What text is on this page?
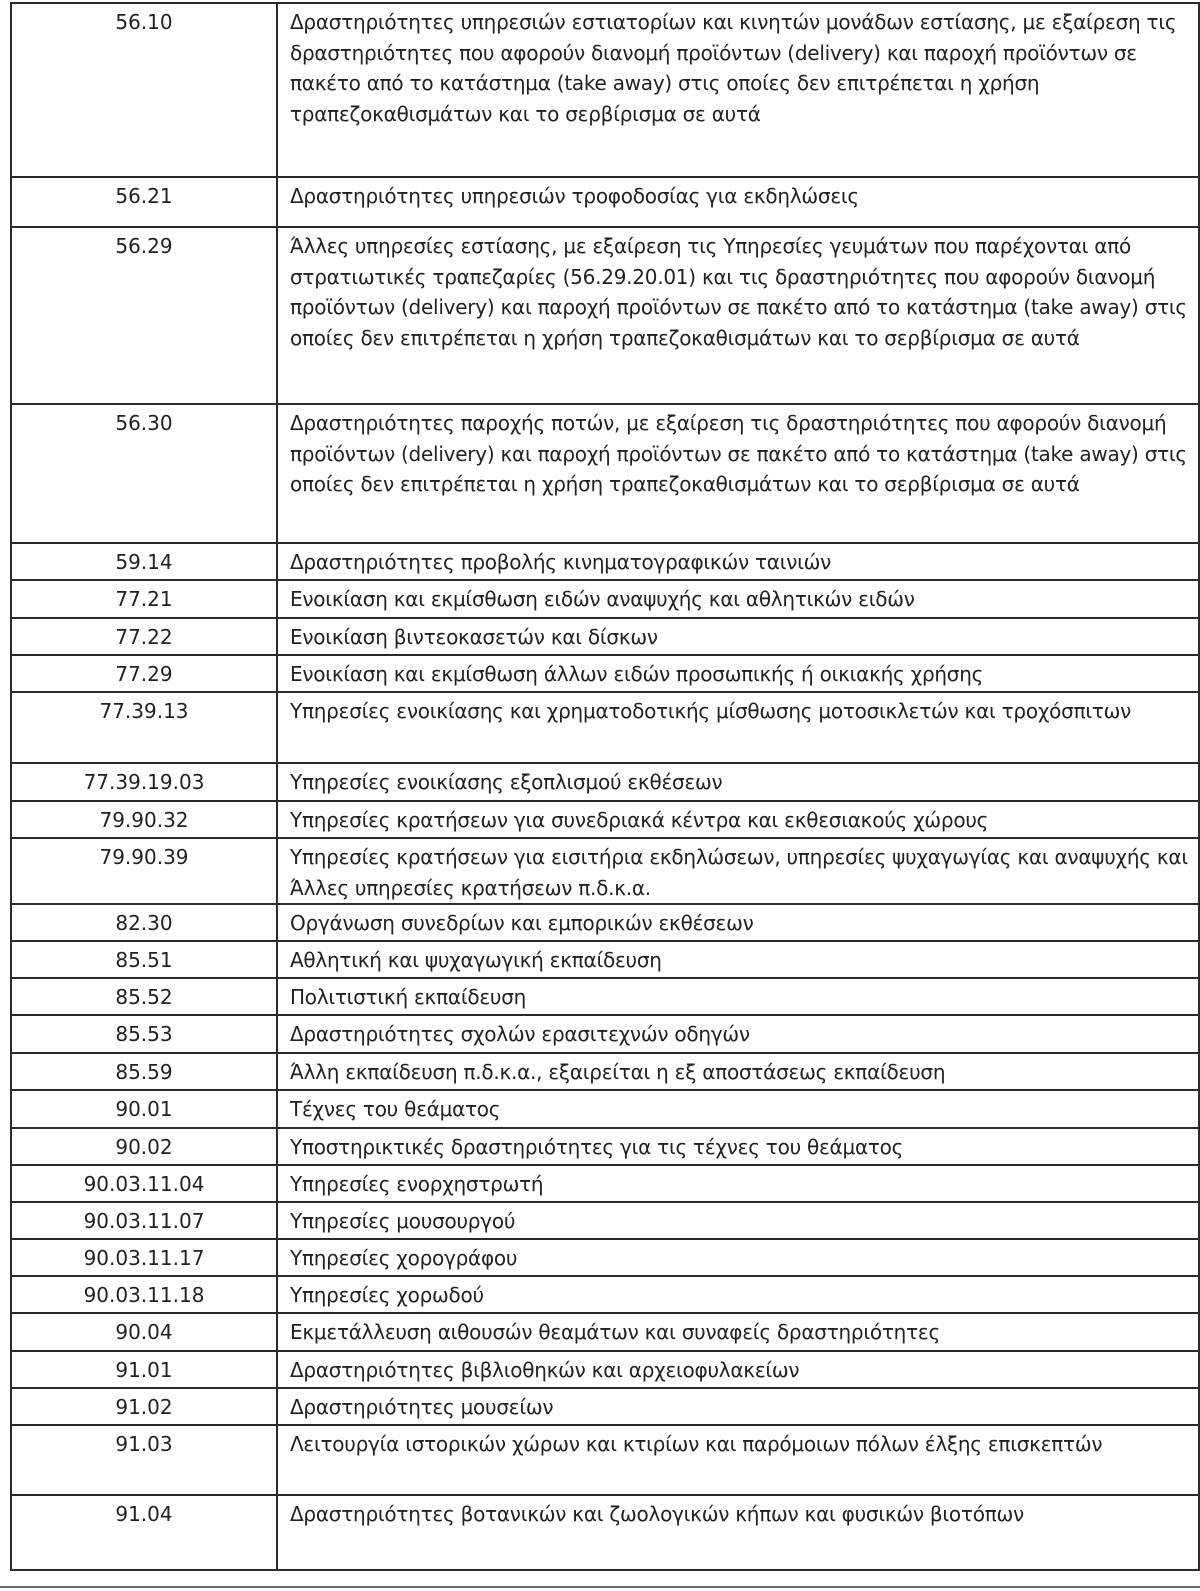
56.10	Δραστηριότητες υπηρεσιών εστιατορίων και κινητών μονάδων εστίασης, με εξαίρεση τις δραστηριότητες που αφορούν διανομή προϊόντων (delivery) και παροχή προϊόντων σε πακέτο από το κατάστημα (take away) στις οποίες δεν επιτρέπεται η χρήση τραπεζοκαθισμάτων και το σερβίρισμα σε αυτά
56.21	Δραστηριότητες υπηρεσιών τροφοδοσίας για εκδηλώσεις
56.29	Άλλες υπηρεσίες εστίασης, με εξαίρεση τις Υπηρεσίες γευμάτων που παρέχονται από στρατιωτικές τραπεζαρίες (56.29.20.01) και τις δραστηριότητες που αφορούν διανομή προϊόντων (delivery) και παροχή προϊόντων σε πακέτο από το κατάστημα (take away) στις οποίες δεν επιτρέπεται η χρήση τραπεζοκαθισμάτων και το σερβίρισμα σε αυτά
56.30	Δραστηριότητες παροχής ποτών, με εξαίρεση τις δραστηριότητες που αφορούν διανομή προϊόντων (delivery) και παροχή προϊόντων σε πακέτο από το κατάστημα (take away) στις οποίες δεν επιτρέπεται η χρήση τραπεζοκαθισμάτων και το σερβίρισμα σε αυτά
59.14	Δραστηριότητες προβολής κινηματογραφικών ταινιών
77.21	Ενοικίαση και εκμίσθωση ειδών αναψυχής και αθλητικών ειδών
77.22	Ενοικίαση βιντεοκασετών και δίσκων
77.29	Ενοικίαση και εκμίσθωση άλλων ειδών προσωπικής ή οικιακής χρήσης
77.39.13	Υπηρεσίες ενοικίασης και χρηματοδοτικής μίσθωσης μοτοσικλετών και τροχόσπιτων
77.39.19.03	Υπηρεσίες ενοικίασης εξοπλισμού εκθέσεων
79.90.32	Υπηρεσίες κρατήσεων για συνεδριακά κέντρα και εκθεσιακούς χώρους
79.90.39	Υπηρεσίες κρατήσεων για εισιτήρια εκδηλώσεων, υπηρεσίες ψυχαγωγίας και αναψυχής και Άλλες υπηρεσίες κρατήσεων π.δ.κ.α.
82.30	Οργάνωση συνεδρίων και εμπορικών εκθέσεων
85.51	Αθλητική και ψυχαγωγική εκπαίδευση
85.52	Πολιτιστική εκπαίδευση
85.53	Δραστηριότητες σχολών ερασιτεχνών οδηγών
85.59	Άλλη εκπαίδευση π.δ.κ.α., εξαιρείται η εξ αποστάσεως εκπαίδευση
90.01	Τέχνες του θεάματος
90.02	Υποστηρικτικές δραστηριότητες για τις τέχνες του θεάματος
90.03.11.04	Υπηρεσίες ενορχηστρωτή
90.03.11.07	Υπηρεσίες μουσουργού
90.03.11.17	Υπηρεσίες χορογράφου
90.03.11.18	Υπηρεσίες χορωδού
90.04	Εκμετάλλευση αιθουσών θεαμάτων και συναφείς δραστηριότητες
91.01	Δραστηριότητες βιβλιοθηκών και αρχειοφυλακείων
91.02	Δραστηριότητες μουσείων
91.03	Λειτουργία ιστορικών χώρων και κτιρίων και παρόμοιων πόλων έλξης επισκεπτών
91.04	Δραστηριότητες βοτανικών και ζωολογικών κήπων και φυσικών βιοτόπων
